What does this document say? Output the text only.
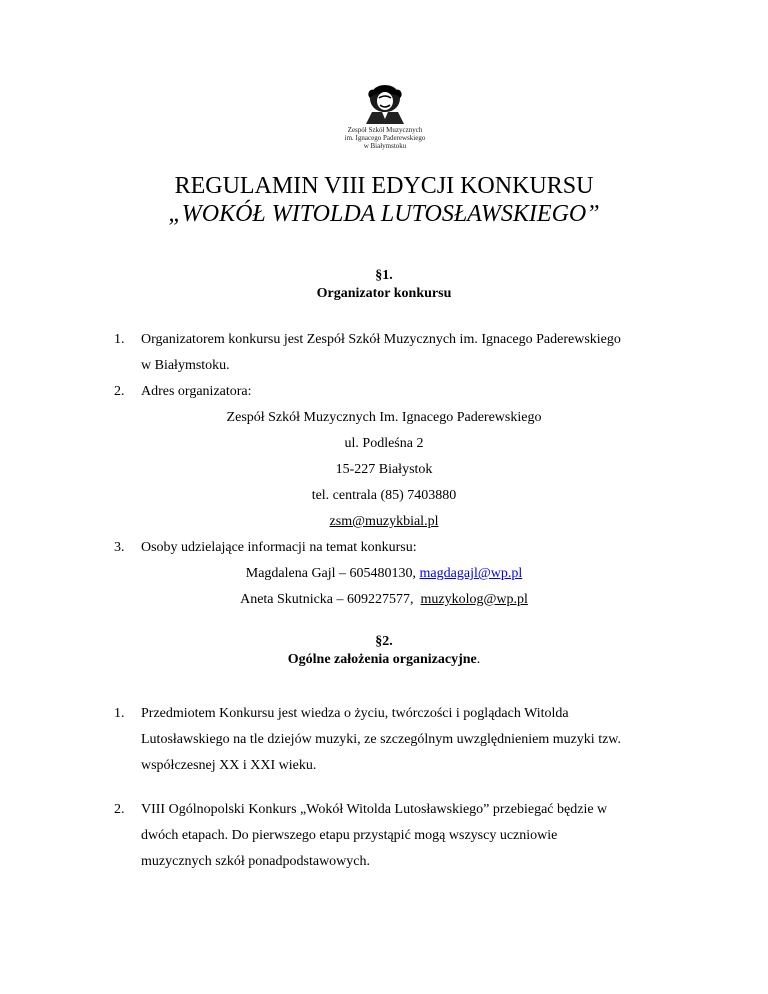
Zespół Szkół Muzycznych
im. Ignacego Paderewskiego
w Białymstoku
REGULAMIN VIII EDYCJI KONKURSU
„WOKÓŁ WITOLDA LUTOSŁAWSKIEGO”
§1.
Organizator konkursu
1.	Organizatorem konkursu jest Zespół Szkół Muzycznych im. Ignacego Paderewskiego
w Białymstoku.
2.	Adres organizatora:
Zespół Szkół Muzycznych Im. Ignacego Paderewskiego
ul. Podleśna 2
15-227 Białystok
tel. centrala (85) 7403880
zsm@muzykbial.pl
3.	Osoby udzielające informacji na temat konkursu:
Magdalena Gajl – 605480130, magdagajl@wp.pl
Aneta Skutnicka – 609227577,  muzykolog@wp.pl
§2.
Ogólne założenia organizacyjne.
1.	Przedmiotem Konkursu jest wiedza o życiu, twórczości i poglądach Witolda
Lutosławskiego na tle dziejów muzyki, ze szczególnym uwzględnieniem muzyki tzw.
współczesnej XX i XXI wieku.
2.	VIII Ogólnopolski Konkurs „Wokół Witolda Lutosławskiego” przebiegać będzie w
dwóch etapach. Do pierwszego etapu przystąpić mogą wszyscy uczniowie
muzycznych szkół ponadpodstawowych.
